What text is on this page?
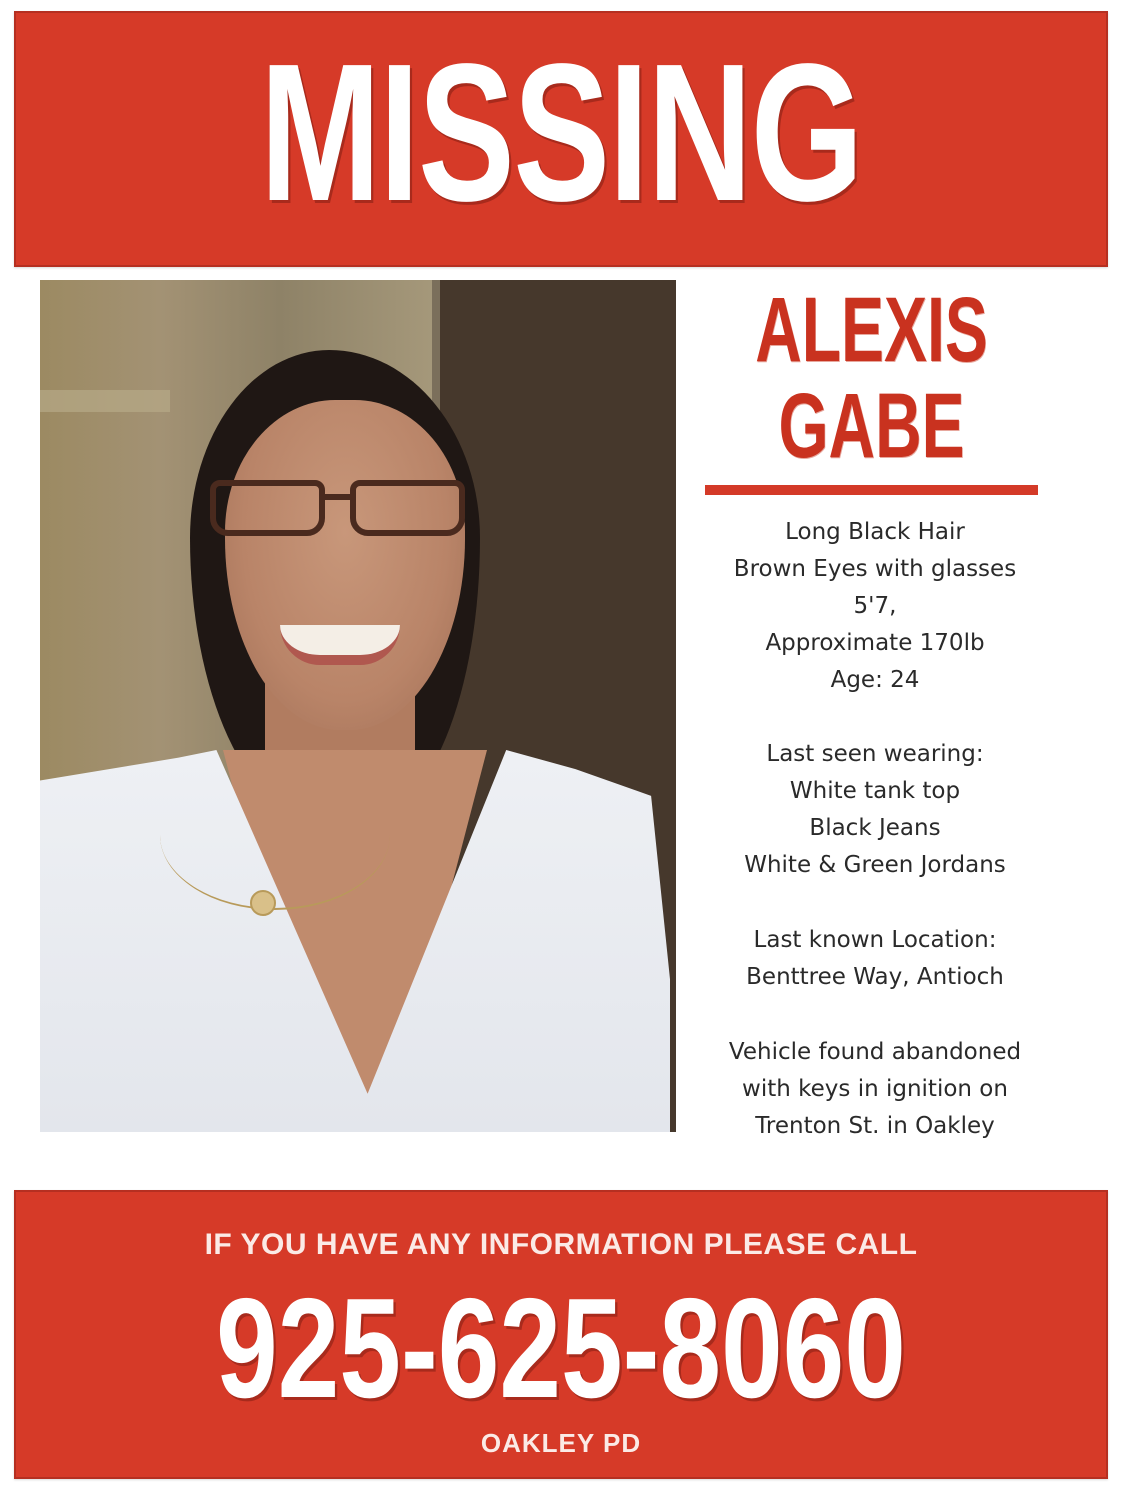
MISSING
ALEXIS
GABE
Long Black Hair
Brown Eyes with glasses
5'7,
Approximate 170lb
Age: 24
Last seen wearing:
White tank top
Black Jeans
White & Green Jordans
Last known Location:
Benttree Way, Antioch
Vehicle found abandoned
with keys in ignition on
Trenton St. in Oakley
IF YOU HAVE ANY INFORMATION PLEASE CALL
925-625-8060
OAKLEY PD
